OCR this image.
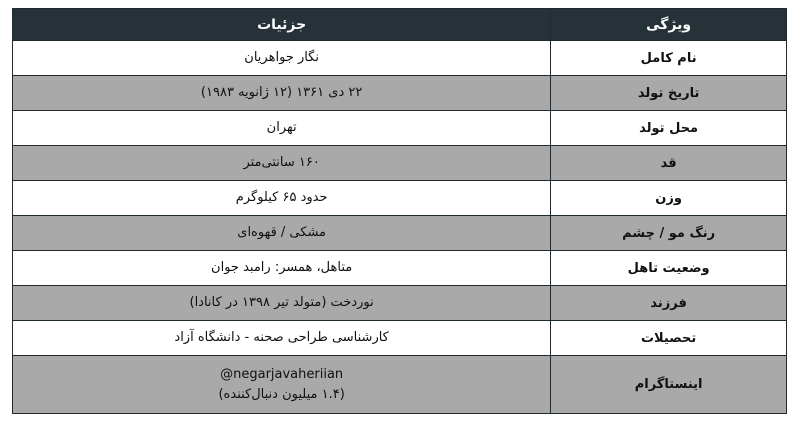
ویژگی	جزئیات
نام کامل	نگار جواهریان

تاریخ تولد	۲۲ دی ۱۳۶۱ (۱۲ ژانویه ۱۹۸۳)

محل تولد	تهران

قد	۱۶۰ سانتی‌متر

وزن	حدود ۶۵ کیلوگرم

رنگ مو / چشم	مشکی / قهوه‌ای

وضعیت تاهل	متاهل، همسر: رامبد جوان

فرزند	نوردخت (متولد تیر ۱۳۹۸ در کانادا)

تحصیلات	کارشناسی طراحی صحنه - دانشگاه آزاد

اینستاگرام	negarjavaheriian@
(۱.۴ میلیون دنبال‌کننده)
